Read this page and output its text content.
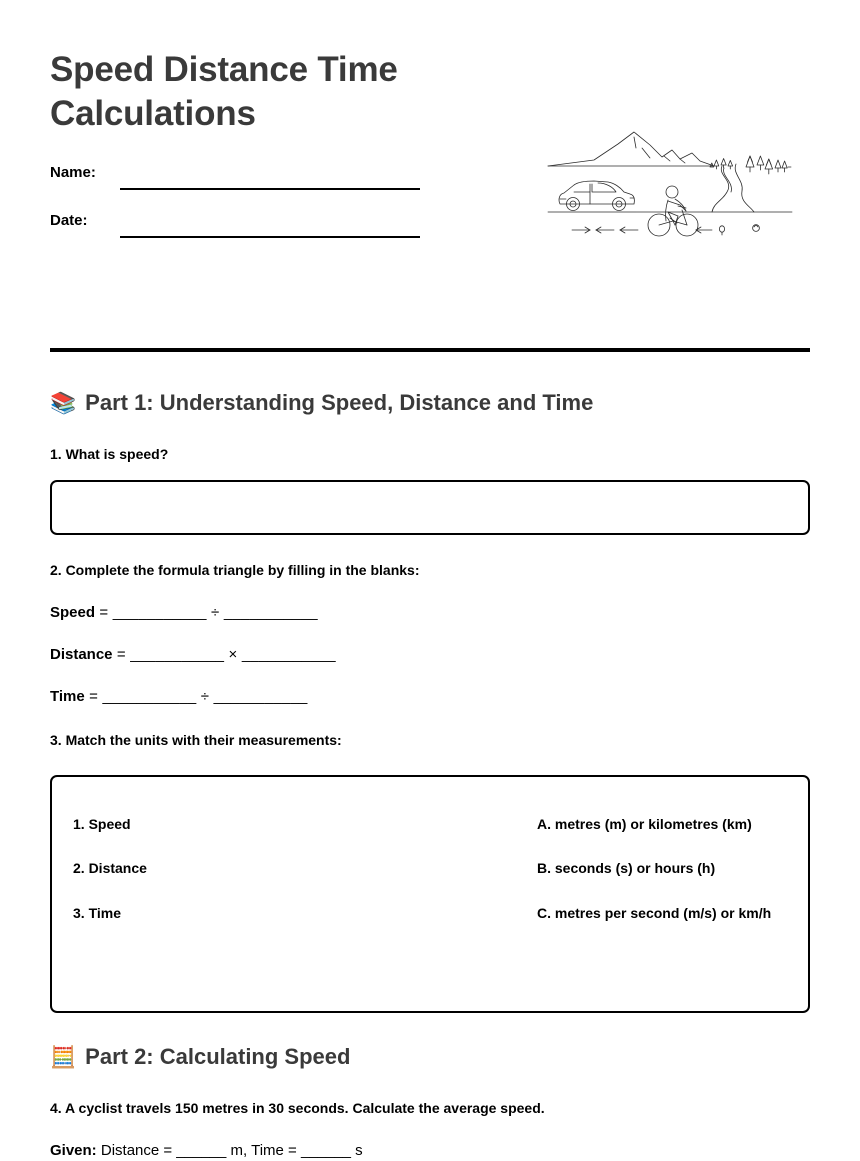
Speed Distance Time Calculations
Name:
Date:
📚 Part 1: Understanding Speed, Distance and Time
1. What is speed?
2. Complete the formula triangle by filling in the blanks:
Speed = ___________ ÷ ___________
Distance = ___________ × ___________
Time = ___________ ÷ ___________
3. Match the units with their measurements:
1. Speed
2. Distance
3. Time
A. metres (m) or kilometres (km)
B. seconds (s) or hours (h)
C. metres per second (m/s) or km/h
🧮 Part 2: Calculating Speed
4. A cyclist travels 150 metres in 30 seconds. Calculate the average speed.
Given: Distance = ______ m, Time = ______ s
